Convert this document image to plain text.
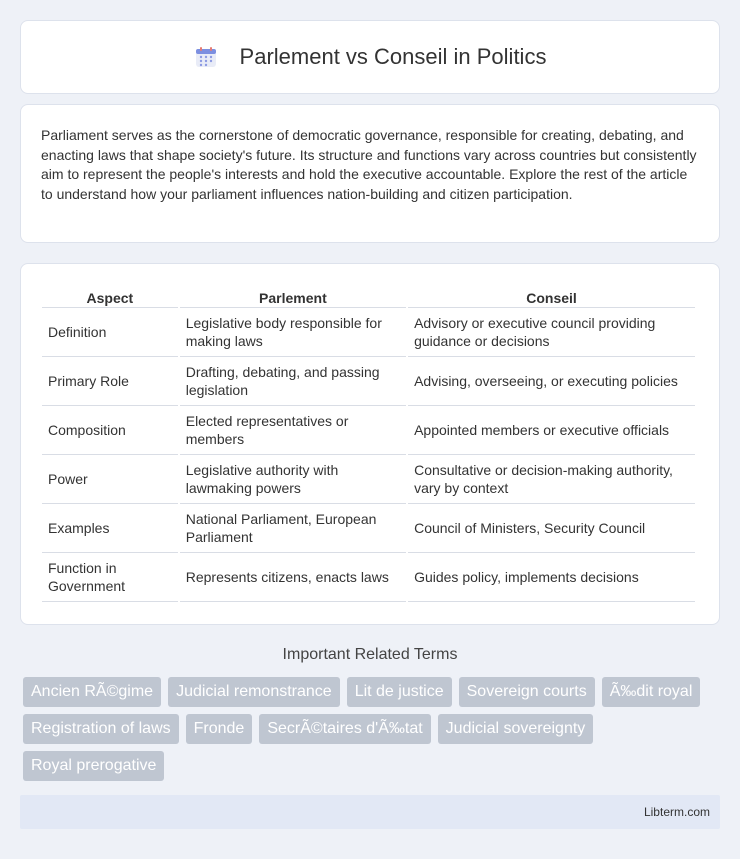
Parlement vs Conseil in Politics

Parliament serves as the cornerstone of democratic governance, responsible for creating, debating, and enacting laws that shape society's future. Its structure and functions vary across countries but consistently aim to represent the people's interests and hold the executive accountable. Explore the rest of the article to understand how your parliament influences nation-building and citizen participation.

Aspect	Parlement	Conseil
Definition	Legislative body responsible for making laws	Advisory or executive council providing guidance or decisions
Primary Role	Drafting, debating, and passing legislation	Advising, overseeing, or executing policies
Composition	Elected representatives or members	Appointed members or executive officials
Power	Legislative authority with lawmaking powers	Consultative or decision-making authority, vary by context
Examples	National Parliament, European Parliament	Council of Ministers, Security Council
Function in Government	Represents citizens, enacts laws	Guides policy, implements decisions
Important Related Terms
Ancien RÃ©gime	Judicial remonstrance	Lit de justice	Sovereign courts	Ã‰dit royal
Registration of laws	Fronde	SecrÃ©taires d'Ã‰tat	Judicial sovereignty
Royal prerogative
Libterm.com
